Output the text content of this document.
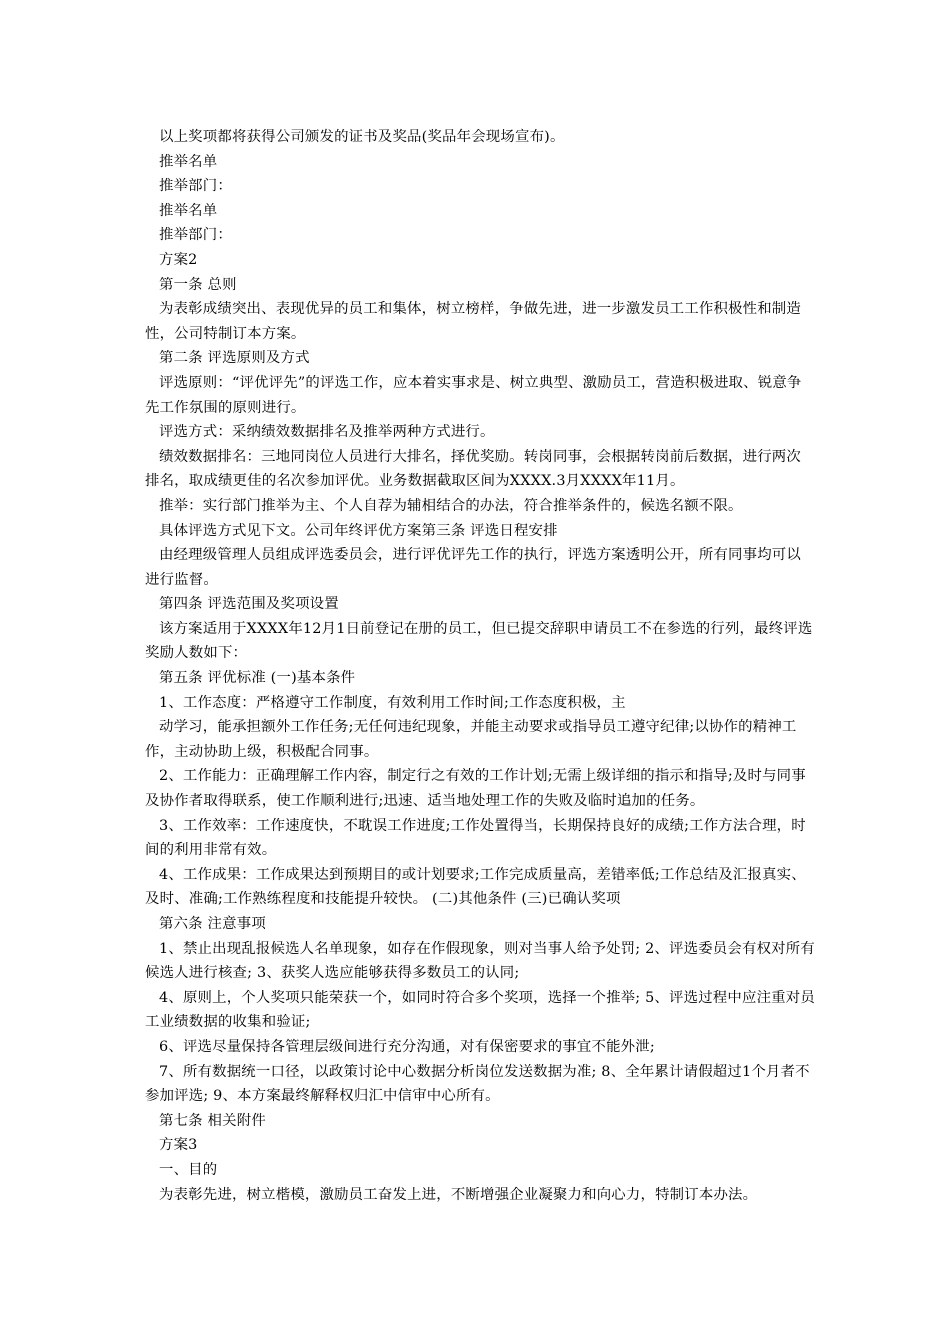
以上奖项都将获得公司颁发的证书及奖品(奖品年会现场宣布)。

推举名单

推举部门：

推举名单

推举部门：

方案2

第一条 总则

为表彰成绩突出、表现优异的员工和集体，树立榜样，争做先进，进一步激发员工工作积极性和制造性，公司特制订本方案。

第二条 评选原则及方式

评选原则：“评优评先”的评选工作，应本着实事求是、树立典型、激励员工，营造积极进取、锐意争先工作氛围的原则进行。

评选方式：采纳绩效数据排名及推举两种方式进行。

绩效数据排名：三地同岗位人员进行大排名，择优奖励。转岗同事，会根据转岗前后数据，进行两次排名，取成绩更佳的名次参加评优。业务数据截取区间为XXXX.3月XXXX年11月。

推举：实行部门推举为主、个人自荐为辅相结合的办法，符合推举条件的，候选名额不限。

具体评选方式见下文。公司年终评优方案第三条 评选日程安排

由经理级管理人员组成评选委员会，进行评优评先工作的执行，评选方案透明公开，所有同事均可以进行监督。

第四条 评选范围及奖项设置

该方案适用于XXXX年12月1日前登记在册的员工，但已提交辞职申请员工不在参选的行列，最终评选奖励人数如下：

第五条 评优标准 (一)基本条件

1、工作态度：严格遵守工作制度，有效利用工作时间;工作态度积极，主

动学习，能承担额外工作任务;无任何违纪现象，并能主动要求或指导员工遵守纪律;以协作的精神工作，主动协助上级，积极配合同事。

2、工作能力：正确理解工作内容，制定行之有效的工作计划;无需上级详细的指示和指导;及时与同事及协作者取得联系，使工作顺利进行;迅速、适当地处理工作的失败及临时追加的任务。

3、工作效率：工作速度快，不耽误工作进度;工作处置得当，长期保持良好的成绩;工作方法合理，时间的利用非常有效。

4、工作成果：工作成果达到预期目的或计划要求;工作完成质量高，差错率低;工作总结及汇报真实、及时、准确;工作熟练程度和技能提升较快。 (二)其他条件 (三)已确认奖项

第六条 注意事项

1、禁止出现乱报候选人名单现象，如存在作假现象，则对当事人给予处罚; 2、评选委员会有权对所有候选人进行核查; 3、获奖人选应能够获得多数员工的认同;

4、原则上，个人奖项只能荣获一个，如同时符合多个奖项，选择一个推举; 5、评选过程中应注重对员工业绩数据的收集和验证;

6、评选尽量保持各管理层级间进行充分沟通，对有保密要求的事宜不能外泄;

7、所有数据统一口径，以政策讨论中心数据分析岗位发送数据为准; 8、全年累计请假超过1个月者不参加评选; 9、本方案最终解释权归汇中信审中心所有。

第七条 相关附件

方案3

一、目的

为表彰先进，树立楷模，激励员工奋发上进，不断增强企业凝聚力和向心力，特制订本办法。
